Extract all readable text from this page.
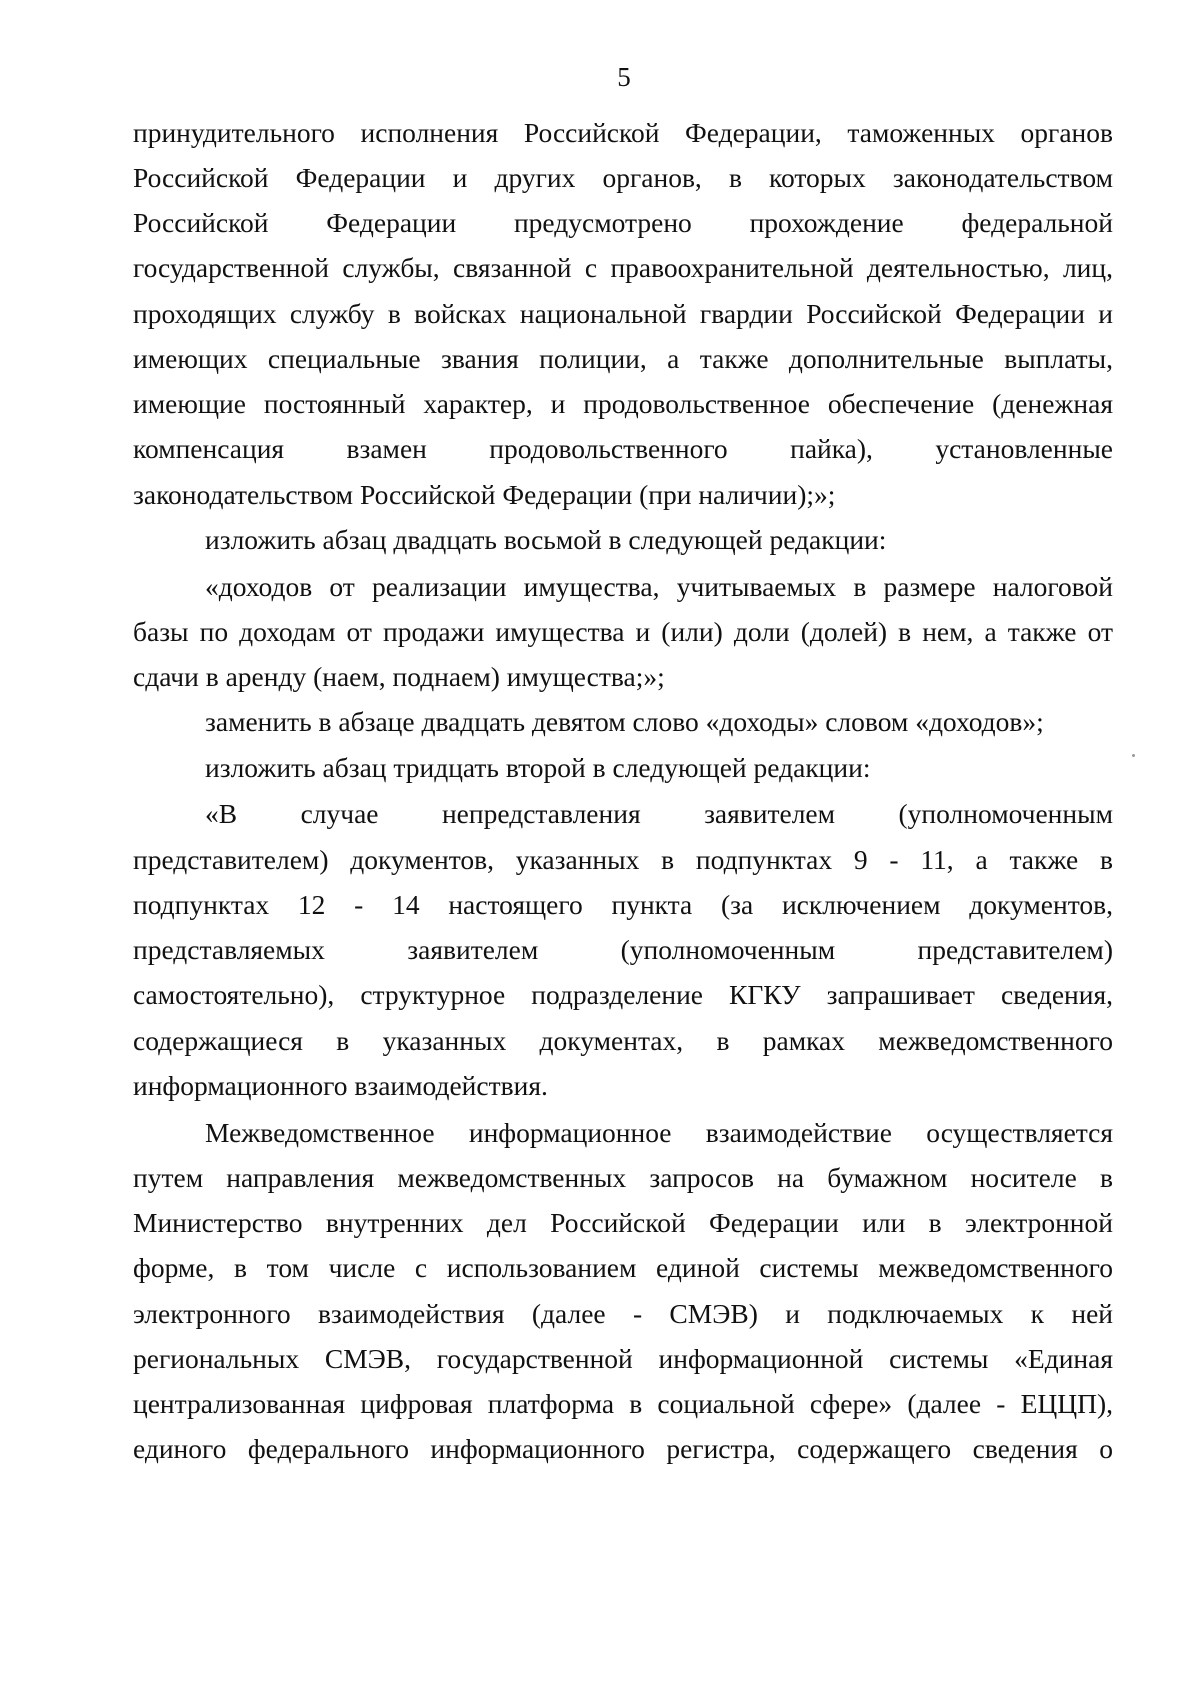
5
принудительного исполнения Российской Федерации, таможенных органов
Российской Федерации и других органов, в которых законодательством
Российской Федерации предусмотрено прохождение федеральной
государственной службы, связанной с правоохранительной деятельностью, лиц,
проходящих службу в войсках национальной гвардии Российской Федерации и
имеющих специальные звания полиции, а также дополнительные выплаты,
имеющие постоянный характер, и продовольственное обеспечение (денежная
компенсация взамен продовольственного пайка), установленные
законодательством Российской Федерации (при наличии);»;
изложить абзац двадцать восьмой в следующей редакции:
«доходов от реализации имущества, учитываемых в размере налоговой
базы по доходам от продажи имущества и (или) доли (долей) в нем, а также от
сдачи в аренду (наем, поднаем) имущества;»;
заменить в абзаце двадцать девятом слово «доходы» словом «доходов»;
изложить абзац тридцать второй в следующей редакции:
«В случае непредставления заявителем (уполномоченным
представителем) документов, указанных в подпунктах 9 - 11, а также в
подпунктах 12 - 14 настоящего пункта (за исключением документов,
представляемых заявителем (уполномоченным представителем)
самостоятельно), структурное подразделение КГКУ запрашивает сведения,
содержащиеся в указанных документах, в рамках межведомственного
информационного взаимодействия.
Межведомственное информационное взаимодействие осуществляется
путем направления межведомственных запросов на бумажном носителе в
Министерство внутренних дел Российской Федерации или в электронной
форме, в том числе с использованием единой системы межведомственного
электронного взаимодействия (далее - СМЭВ) и подключаемых к ней
региональных СМЭВ, государственной информационной системы «Единая
централизованная цифровая платформа в социальной сфере» (далее - ЕЦЦП),
единого федерального информационного регистра, содержащего сведения о
